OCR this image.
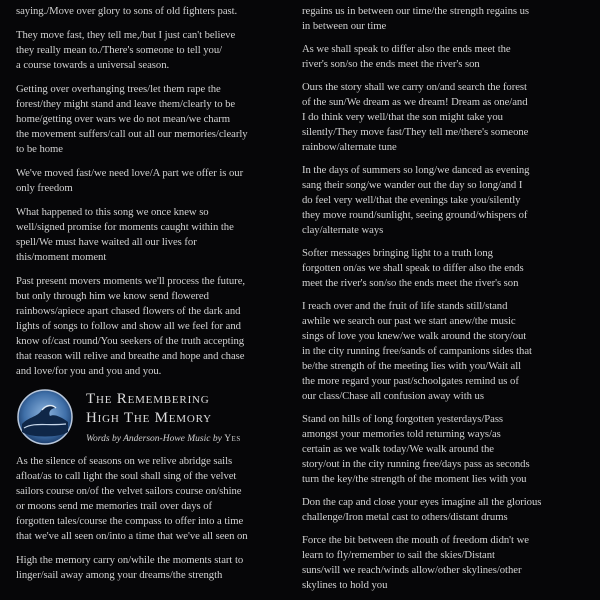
saying./Move over glory to sons of old fighters past.

They move fast, they tell me,/but I just can't believe
they really mean to./There's someone to tell you/
a course towards a universal season.

Getting over overhanging trees/let them rape the
forest/they might stand and leave them/clearly to be
home/getting over wars we do not mean/we charm
the movement suffers/call out all our memories/clearly
to be home

We've moved fast/we need love/A part we offer is our
only freedom

What happened to this song we once knew so
well/signed promise for moments caught within the
spell/We must have waited all our lives for
this/moment moment

Past present movers moments we'll process the future,
but only through him we know send flowered
rainbows/apiece apart chased flowers of the dark and
lights of songs to follow and show all we feel for and
know of/cast round/You seekers of the truth accepting
that reason will relive and breathe and hope and chase
and love/for you and you and you.

The Remembering
High The Memory
Words by Anderson-Howe Music by Yes

As the silence of seasons on we relive abridge sails
afloat/as to call light the soul shall sing of the velvet
sailors course on/of the velvet sailors course on/shine
or moons send me memories trail over days of
forgotten tales/course the compass to offer into a time
that we've all seen on/into a time that we've all seen on

High the memory carry on/while the moments start to
linger/sail away among your dreams/the strength

regains us in between our time/the strength regains us
in between our time

As we shall speak to differ also the ends meet the
river's son/so the ends meet the river's son

Ours the story shall we carry on/and search the forest
of the sun/We dream as we dream! Dream as one/and
I do think very well/that the son might take you
silently/They move fast/They tell me/there's someone
rainbow/alternate tune

In the days of summers so long/we danced as evening
sang their song/we wander out the day so long/and I
do feel very well/that the evenings take you/silently
they move round/sunlight, seeing ground/whispers of
clay/alternate ways

Softer messages bringing light to a truth long
forgotten on/as we shall speak to differ also the ends
meet the river's son/so the ends meet the river's son

I reach over and the fruit of life stands still/stand
awhile we search our past we start anew/the music
sings of love you knew/we walk around the story/out
in the city running free/sands of campanions sides that
be/the strength of the meeting lies with you/Wait all
the more regard your past/schoolgates remind us of
our class/Chase all confusion away with us

Stand on hills of long forgotten yesterdays/Pass
amongst your memories told returning ways/as
certain as we walk today/We walk around the
story/out in the city running free/days pass as seconds
turn the key/the strength of the moment lies with you

Don the cap and close your eyes imagine all the glorious
challenge/Iron metal cast to others/distant drums

Force the bit between the mouth of freedom didn't we
learn to fly/remember to sail the skies/Distant
suns/will we reach/winds allow/other skylines/other
skylines to hold you
